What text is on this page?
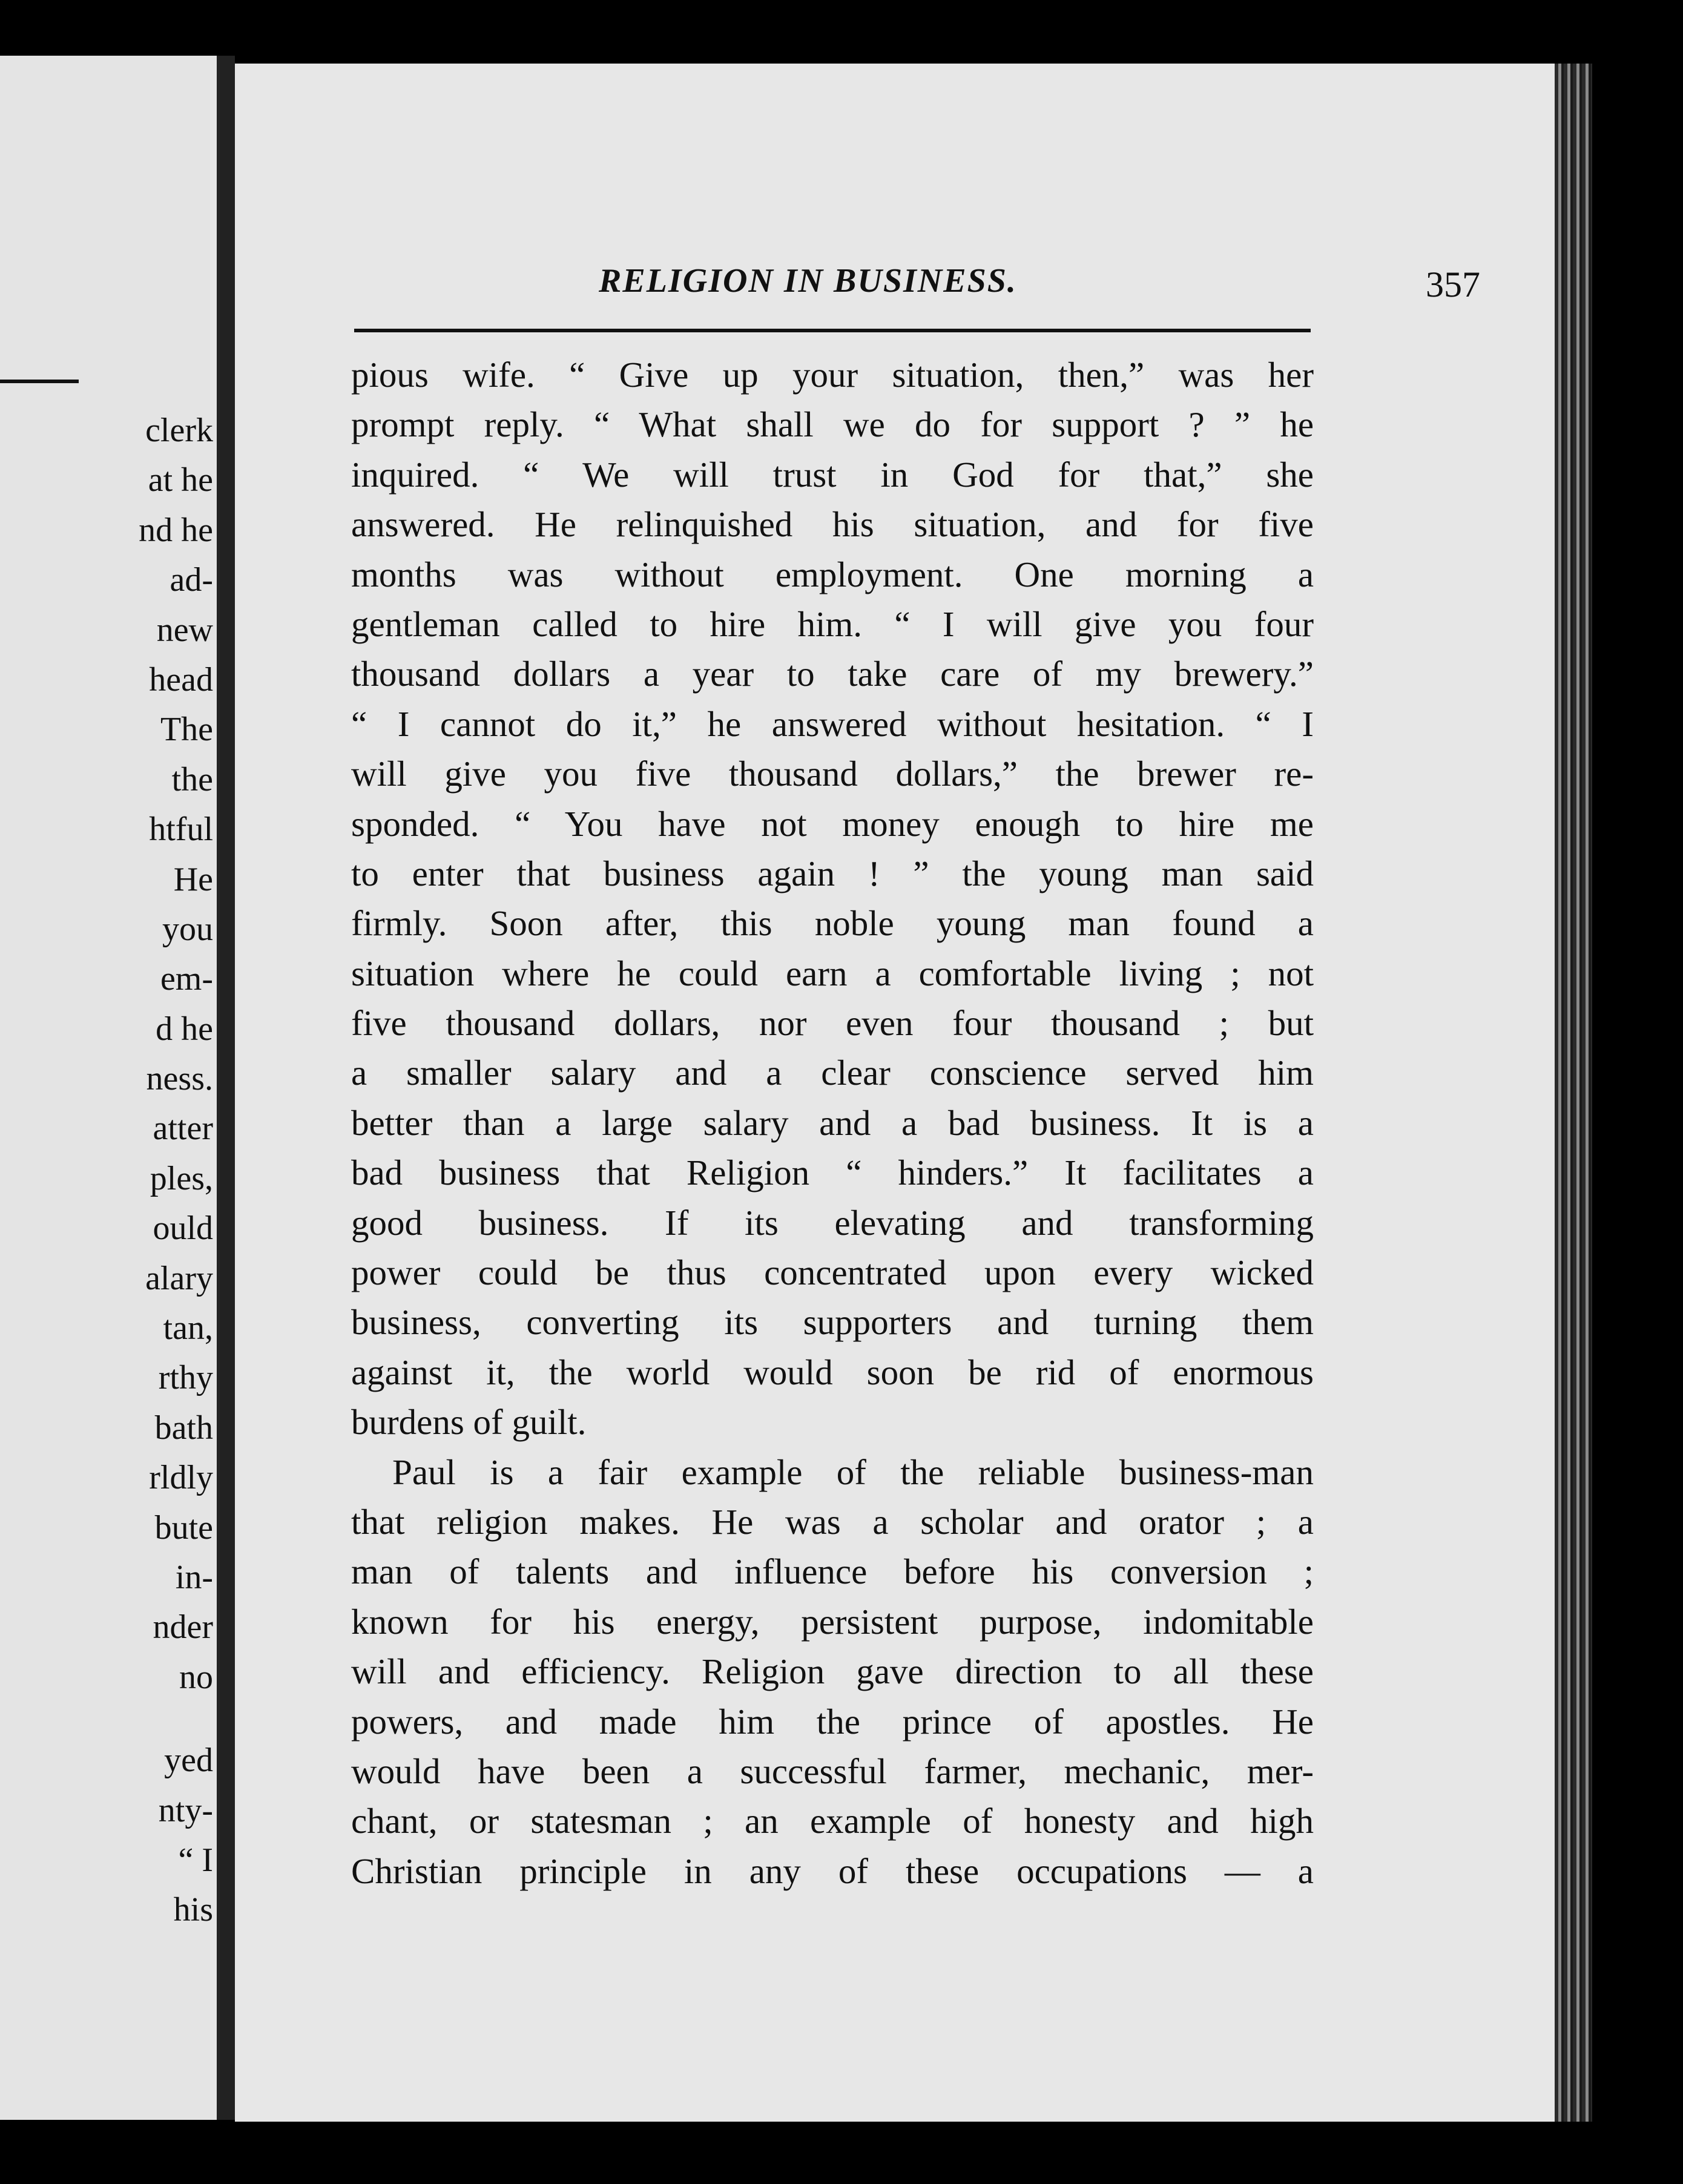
clerk
at he
nd he
ad-
new
head
The
the
htful
He
you
em-
d he
ness.
atter
ples,
ould
alary
tan,
rthy
bath
rldly
bute
in-
nder
no
yed
nty-
“ I
his
RELIGION IN BUSINESS.	357
pious wife. “ Give up your situation, then,” was her
prompt reply. “ What shall we do for support ? ” he
inquired. “ We will trust in God for that,” she
answered. He relinquished his situation, and for five
months was without employment. One morning a
gentleman called to hire him. “ I will give you four
thousand dollars a year to take care of my brewery.”
“ I cannot do it,” he answered without hesitation. “ I
will give you five thousand dollars,” the brewer re-
sponded. “ You have not money enough to hire me
to enter that business again ! ” the young man said
firmly. Soon after, this noble young man found a
situation where he could earn a comfortable living ; not
five thousand dollars, nor even four thousand ; but
a smaller salary and a clear conscience served him
better than a large salary and a bad business. It is a
bad business that Religion “ hinders.” It facilitates a
good business. If its elevating and transforming
power could be thus concentrated upon every wicked
business, converting its supporters and turning them
against it, the world would soon be rid of enormous
burdens of guilt.
Paul is a fair example of the reliable business-man
that religion makes. He was a scholar and orator ; a
man of talents and influence before his conversion ;
known for his energy, persistent purpose, indomitable
will and efficiency. Religion gave direction to all these
powers, and made him the prince of apostles. He
would have been a successful farmer, mechanic, mer-
chant, or statesman ; an example of honesty and high
Christian principle in any of these occupations — a
